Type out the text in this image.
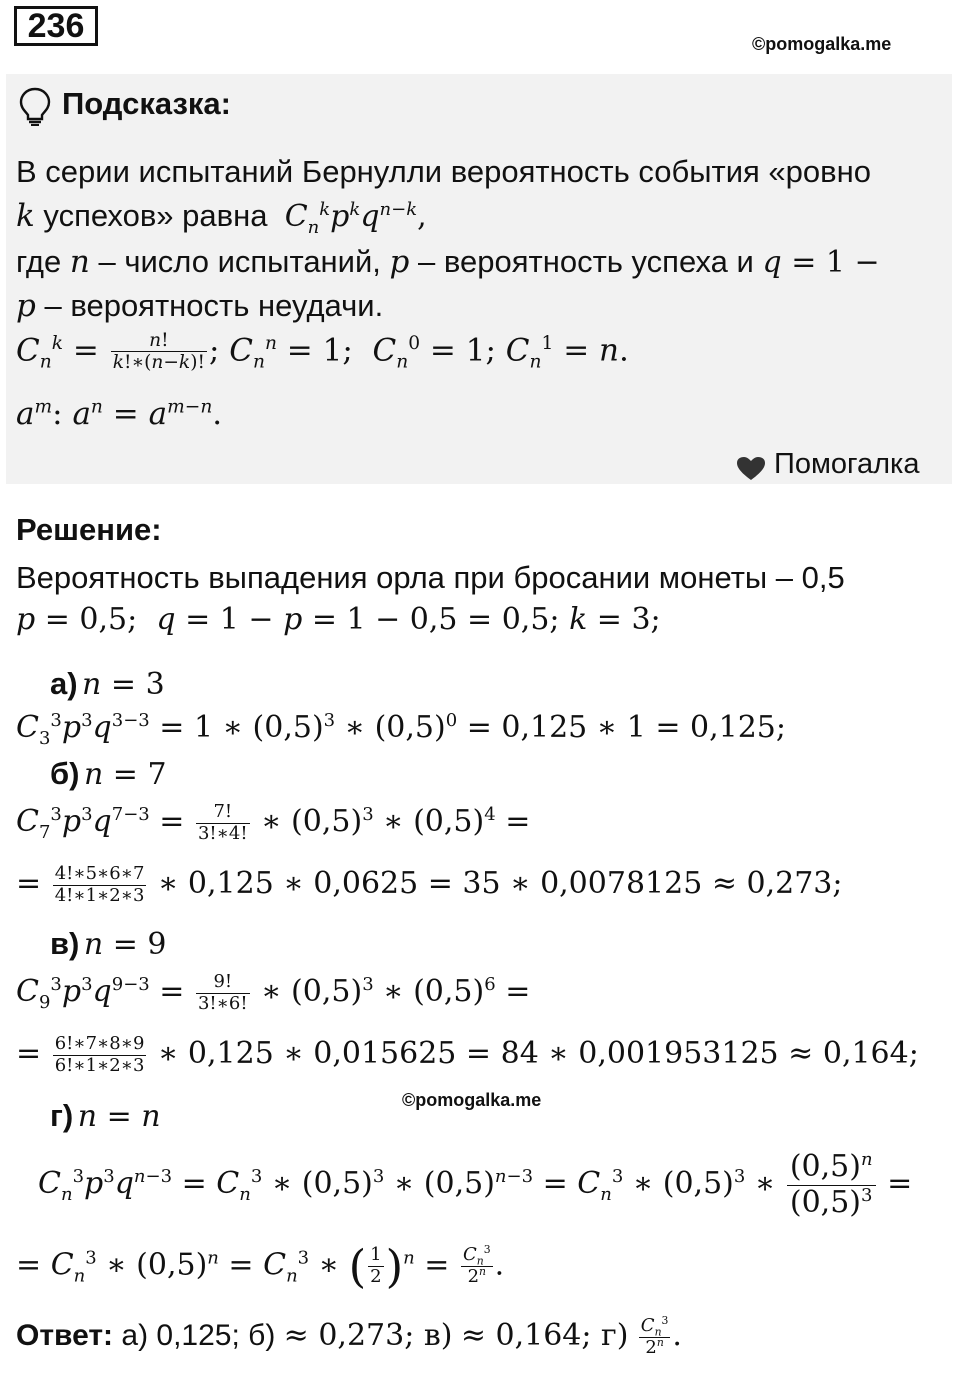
236	©pomogalka.me
Подсказка:
В серии испытаний Бернулли вероятность события «ровно
k успехов» равна $C_n^kp^kq^{n-k}$,
где n – число испытаний, p – вероятность успеха и q = 1 −
p – вероятность неудачи.
$C_n^k = \frac{n!}{k!∗(n-k)!}$ ; $C_n^n = 1$;  $C_n^0 = 1$; $C_n^1 = n$.
$a^m$: $a^n = a^{m-n}$.
Помогалка
Решение:
Вероятность выпадения орла при бросании монеты – 0,5
p = 0,5;  q = 1 − p = 1 − 0,5 = 0,5; k = 3;
а) n = 3
$C_3^3p^3q^{3-3} = 1$ ∗ $(0,5)^3$ ∗ $(0,5)^0 = 0,125$ ∗ 1 = 0,125;
б) n = 7
$C_7^3p^3q^{7-3} = \frac{7!}{3!∗4!}$ ∗ $(0,5)^3$ ∗ $(0,5)^4$ =
= $\frac{4!∗5∗6∗7}{4!∗1∗2∗3}$ ∗ 0,125 ∗ 0,0625 = 35 ∗ 0,0078125 ≈ 0,273;
в) n = 9
$C_9^3p^3q^{9-3} = \frac{9!}{3!∗6!}$ ∗ $(0,5)^3$ ∗ $(0,5)^6$ =
= $\frac{6!∗7∗8∗9}{6!∗1∗2∗3}$ ∗ 0,125 ∗ 0,015625 = 84 ∗ 0,001953125 ≈ 0,164;
©pomogalka.me
г) n = n
$C_n^3p^3q^{n-3} = C_n^3$ ∗ $(0,5)^3$ ∗ $(0,5)^{n-3} = C_n^3$ ∗ $(0,5)^3$ ∗ $\frac{(0,5)^n}{(0,5)^3}$ =
= $C_n^3$ ∗ $(0,5)^n = C_n^3$ ∗ ( $\frac{1}{2} )^n = \frac{C_n^3}{2^n}$ .
Ответ: а) 0,125; б) ≈ 0,273; в) ≈ 0,164; $г) \frac{C_n^3}{2^n}$ .
